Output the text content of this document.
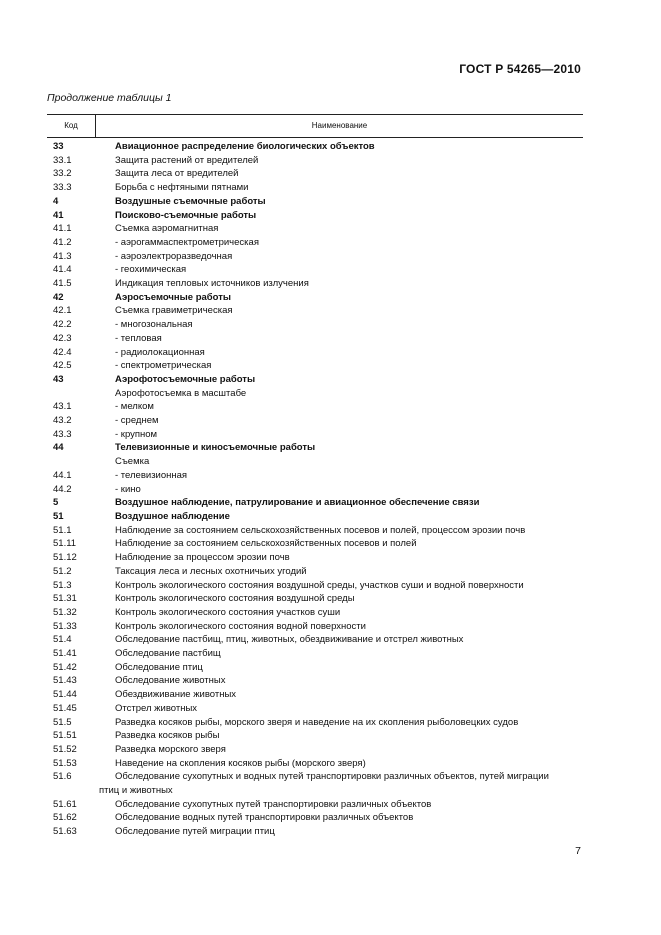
ГОСТ Р 54265—2010
Продолжение таблицы 1
Код	Наименование
33	Авиационное распределение биологических объектов
33.1	Защита растений от вредителей
33.2	Защита леса от вредителей
33.3	Борьба с нефтяными пятнами
4	Воздушные съемочные работы
41	Поисково-съемочные работы
41.1	Съемка аэромагнитная
41.2	- аэрогаммаспектрометрическая
41.3	- аэроэлектроразведочная
41.4	- геохимическая
41.5	Индикация тепловых источников излучения
42	Аэросъемочные работы
42.1	Съемка гравиметрическая
42.2	- многозональная
42.3	- тепловая
42.4	- радиолокационная
42.5	- спектрометрическая
43	Аэрофотосъемочные работы
Аэрофотосъемка в масштабе
43.1	- мелком
43.2	- среднем
43.3	- крупном
44	Телевизионные и киносъемочные работы
Съемка
44.1	- телевизионная
44.2	- кино
5	Воздушное наблюдение, патрулирование и авиационное обеспечение связи
51	Воздушное наблюдение
51.1	Наблюдение за состоянием сельскохозяйственных посевов и полей, процессом эрозии почв
51.11	Наблюдение за состоянием сельскохозяйственных посевов и полей
51.12	Наблюдение за процессом эрозии почв
51.2	Таксация леса и лесных охотничьих угодий
51.3	Контроль экологического состояния воздушной среды, участков суши и водной поверхности
51.31	Контроль экологического состояния воздушной среды
51.32	Контроль экологического состояния участков суши
51.33	Контроль экологического состояния водной поверхности
51.4	Обследование пастбищ, птиц, животных, обездвиживание и отстрел животных
51.41	Обследование пастбищ
51.42	Обследование птиц
51.43	Обследование животных
51.44	Обездвиживание животных
51.45	Отстрел животных
51.5	Разведка косяков рыбы, морского зверя и наведение на их скопления рыболовецких судов
51.51	Разведка косяков рыбы
51.52	Разведка морского зверя
51.53	Наведение на скопления косяков рыбы (морского зверя)
51.6	Обследование сухопутных и водных путей транспортировки различных объектов, путей миграции
птиц и животных
51.61	Обследование сухопутных путей транспортировки различных объектов
51.62	Обследование водных путей транспортировки различных объектов
51.63	Обследование путей миграции птиц
7
